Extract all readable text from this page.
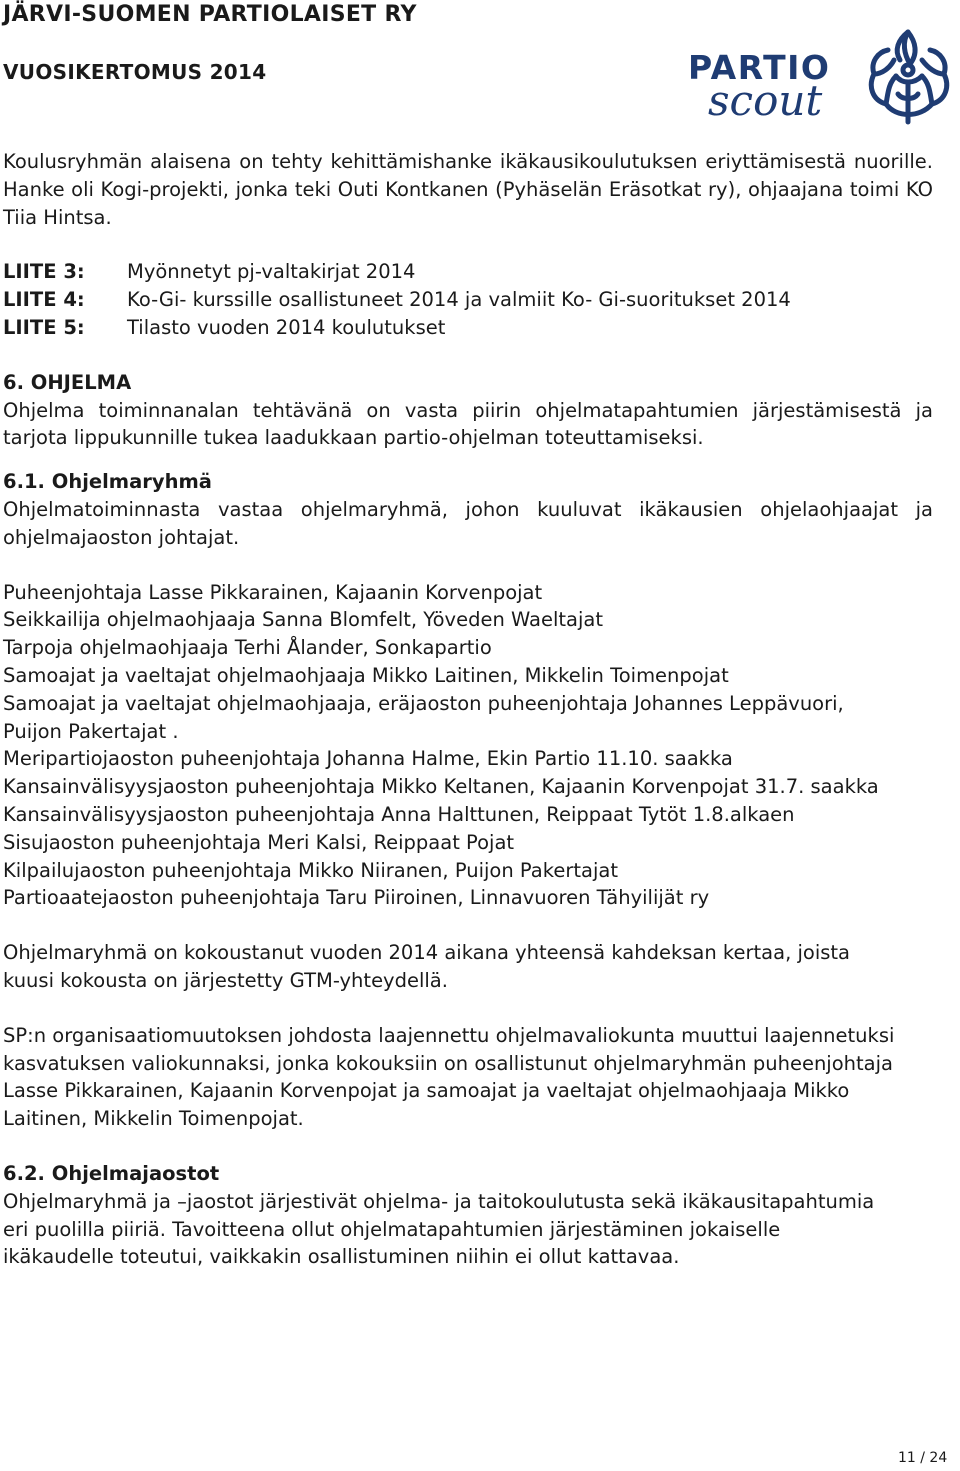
JÄRVI-SUOMEN PARTIOLAISET RY
VUOSIKERTOMUS 2014	PARTIO
scout

Koulusryhmän alaisena on tehty kehittämishanke ikäkausikoulutuksen eriyttämisestä nuorille. Hanke oli Kogi-projekti, jonka teki Outi Kontkanen (Pyhäselän Eräsotkat ry), ohjaajana toimi KO Tiia Hintsa.

LIITE 3:	Myönnetyt pj-valtakirjat 2014
LIITE 4:	Ko-Gi- kurssille osallistuneet 2014 ja valmiit Ko- Gi-suoritukset 2014
LIITE 5:	Tilasto vuoden 2014 koulutukset

6. OHJELMA

Ohjelma toiminnanalan tehtävänä on vasta piirin ohjelmatapahtumien järjestämisestä ja tarjota lippukunnille tukea laadukkaan partio-ohjelman toteuttamiseksi.

6.1. Ohjelmaryhmä

Ohjelmatoiminnasta vastaa ohjelmaryhmä, johon kuuluvat ikäkausien ohjelaohjaajat ja ohjelmajaoston johtajat.

Puheenjohtaja Lasse Pikkarainen, Kajaanin Korvenpojat

Seikkailija ohjelmaohjaaja Sanna Blomfelt, Yöveden Waeltajat

Tarpoja ohjelmaohjaaja Terhi Ålander, Sonkapartio

Samoajat ja vaeltajat ohjelmaohjaaja Mikko Laitinen, Mikkelin Toimenpojat

Samoajat ja vaeltajat ohjelmaohjaaja, eräjaoston puheenjohtaja Johannes Leppävuori,

Puijon Pakertajat .

Meripartiojaoston puheenjohtaja Johanna Halme, Ekin Partio 11.10. saakka

Kansainvälisyysjaoston puheenjohtaja Mikko Keltanen, Kajaanin Korvenpojat 31.7. saakka

Kansainvälisyysjaoston puheenjohtaja Anna Halttunen, Reippaat Tytöt 1.8.alkaen

Sisujaoston puheenjohtaja Meri Kalsi, Reippaat Pojat

Kilpailujaoston puheenjohtaja Mikko Niiranen, Puijon Pakertajat

Partioaatejaoston puheenjohtaja Taru Piiroinen, Linnavuoren Tähyilijät ry

Ohjelmaryhmä on kokoustanut vuoden 2014 aikana yhteensä kahdeksan kertaa, joista

kuusi kokousta on järjestetty GTM-yhteydellä.

SP:n organisaatiomuutoksen johdosta laajennettu ohjelmavaliokunta muuttui laajennetuksi

kasvatuksen valiokunnaksi, jonka kokouksiin on osallistunut ohjelmaryhmän puheenjohtaja

Lasse Pikkarainen, Kajaanin Korvenpojat ja samoajat ja vaeltajat ohjelmaohjaaja Mikko

Laitinen, Mikkelin Toimenpojat.

6.2. Ohjelmajaostot

Ohjelmaryhmä ja –jaostot järjestivät ohjelma- ja taitokoulutusta sekä ikäkausitapahtumia

eri puolilla piiriä. Tavoitteena ollut ohjelmatapahtumien järjestäminen jokaiselle

ikäkaudelle toteutui, vaikkakin osallistuminen niihin ei ollut kattavaa.

11 / 24
